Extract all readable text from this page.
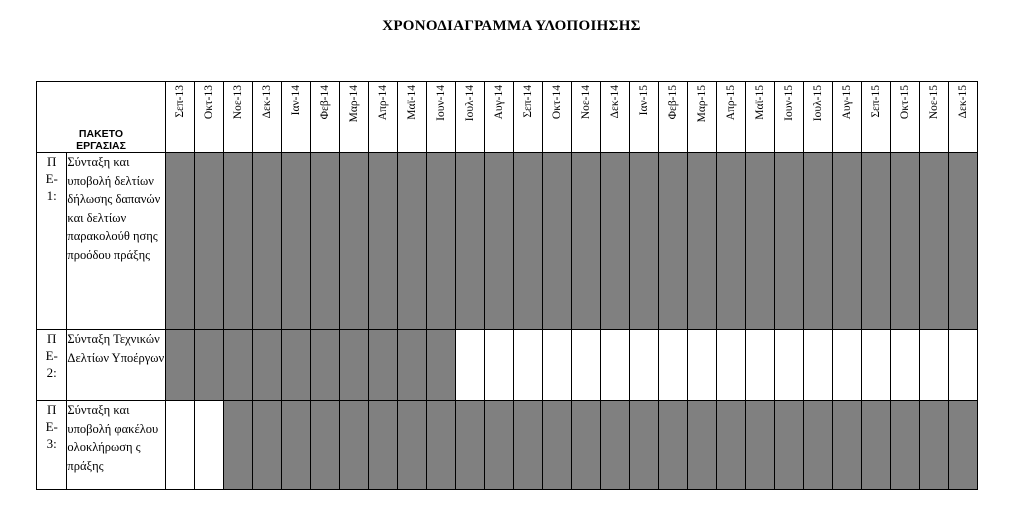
ΧΡΟΝΟΔΙΑΓΡΑΜΜΑ ΥΛΟΠΟΙΗΣΗΣ
ΠΑΚΕΤΟ
ΕΡΓΑΣΙΑΣ		Σεπ-13	Οκτ-13	Νοε-13	Δεκ-13	Ιαν-14	Φεβ-14	Μαρ-14	Απρ-14	Μαϊ-14	Ιουν-14	Ιουλ-14	Αυγ-14	Σεπ-14	Οκτ-14	Νοε-14	Δεκ-14	Ιαν-15	Φεβ-15	Μαρ-15	Απρ-15	Μαϊ-15	Ιουν-15	Ιουλ-15	Αυγ-15	Σεπ-15	Οκτ-15	Νοε-15	Δεκ-15

Π
Ε-
1:	Σύνταξη και υποβολή δελτίων δήλωσης δαπανών και δελτίων παρακολούθ ησης προόδου πράξης																												

Π
Ε-
2:	Σύνταξη Τεχνικών Δελτίων Υποέργων																												

Π
Ε-
3:	Σύνταξη και υποβολή φακέλου ολοκλήρωση ς πράξης																												
